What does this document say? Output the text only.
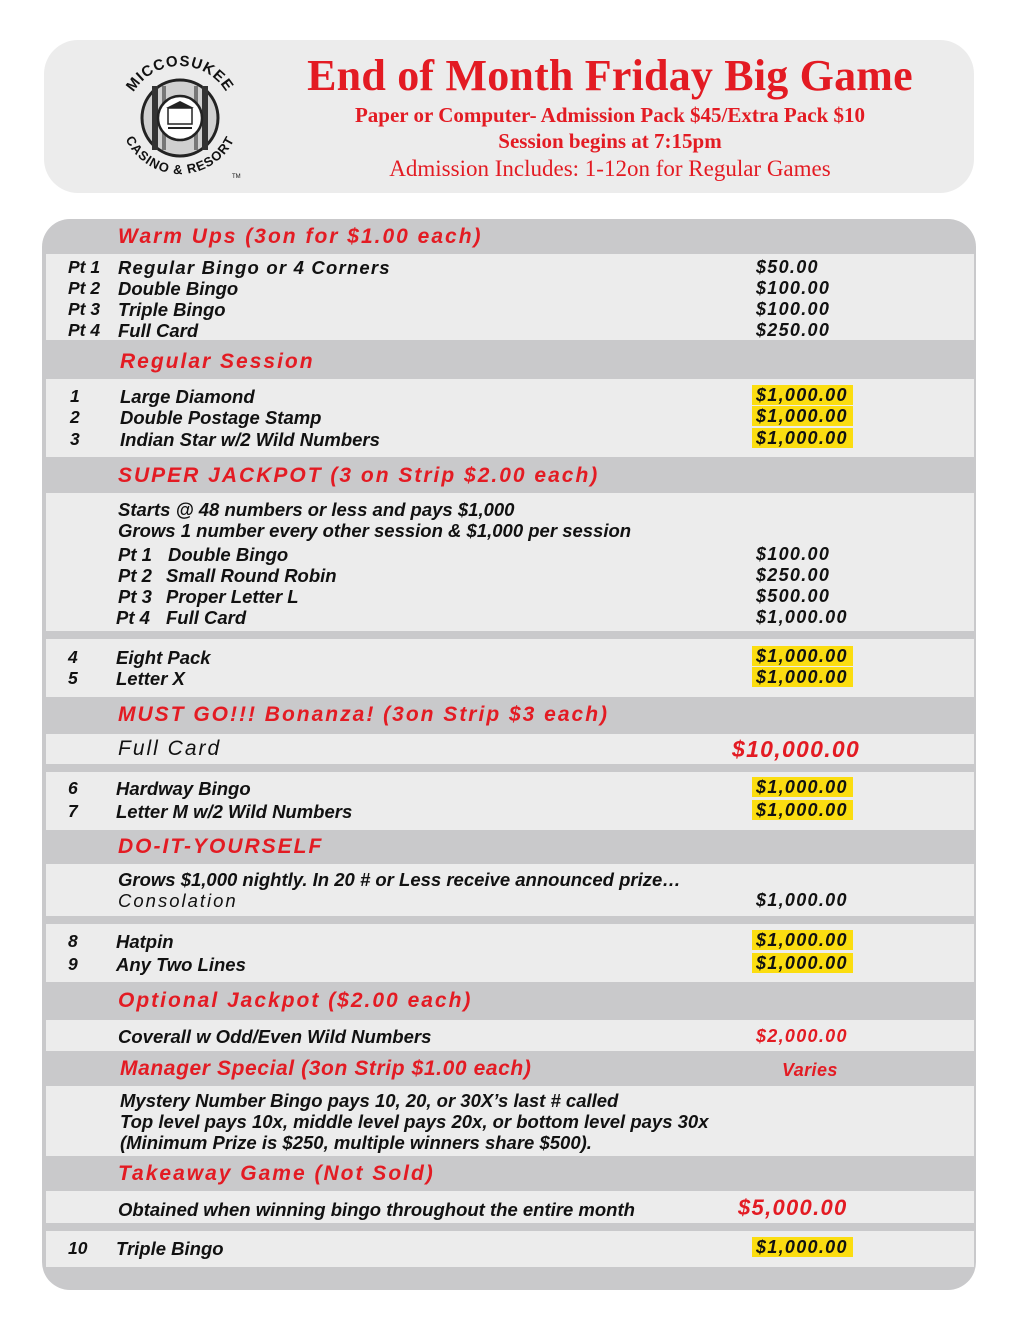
MICCOSUKEE
CASINO & RESORT
TM
End of Month Friday Big Game
Paper or Computer- Admission Pack $45/Extra Pack $10
Session begins at 7:15pm
Admission Includes: 1-12on for Regular Games
Warm Ups (3on for $1.00 each)
Pt 1 Regular Bingo or 4 Corners	$50.00
Pt 2 Double Bingo	$100.00
Pt 3 Triple Bingo	$100.00
Pt 4 Full Card	$250.00
Regular Session
1 Large Diamond	$1,000.00
2 Double Postage Stamp	$1,000.00
3 Indian Star w/2 Wild Numbers	$1,000.00
SUPER JACKPOT (3 on Strip $2.00 each)
Starts @ 48 numbers or less and pays $1,000
Grows 1 number every other session & $1,000 per session
Pt 1 Double Bingo	$100.00
Pt 2 Small Round Robin	$250.00
Pt 3 Proper Letter L	$500.00
Pt 4 Full Card	$1,000.00
4 Eight Pack	$1,000.00
5 Letter X	$1,000.00
MUST GO!!! Bonanza! (3on Strip $3 each)
Full Card	$10,000.00
6 Hardway Bingo	$1,000.00
7 Letter M w/2 Wild Numbers	$1,000.00
DO-IT-YOURSELF
Grows $1,000 nightly. In 20 # or Less receive announced prize…
Consolation	$1,000.00
8 Hatpin	$1,000.00
9 Any Two Lines	$1,000.00
Optional Jackpot ($2.00 each)
Coverall w Odd/Even Wild Numbers	$2,000.00
Manager Special (3on Strip $1.00 each)	Varies
Mystery Number Bingo pays 10, 20, or 30X’s last # called
Top level pays 10x, middle level pays 20x, or bottom level pays 30x
(Minimum Prize is $250, multiple winners share $500).
Takeaway Game (Not Sold)
Obtained when winning bingo throughout the entire month	$5,000.00
10 Triple Bingo	$1,000.00
